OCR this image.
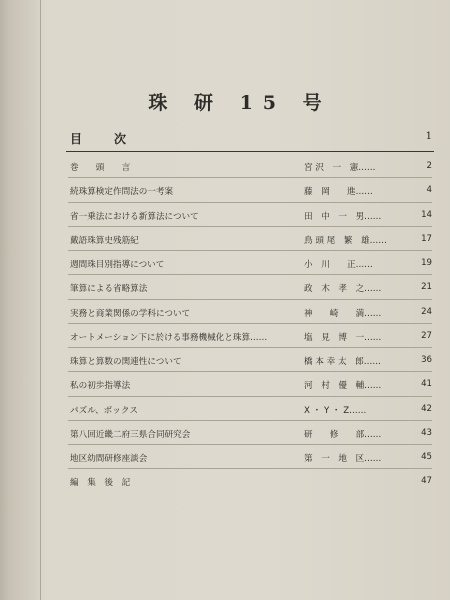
珠 研 15 号
目　次	1
巻　　頭　　言	宮 沢　一　憲……	2
続珠算検定作問法の一考案	藤　岡　　進……	4
省一乗法における新算法について	田　中　一　男……	14
戴語珠算史残筋紀	鳥 頭 尾　繁　雄……	17
週間珠目別指導について	小　川　　正……	19
筆算による省略算法	政　木　孝　之……	21
実務と商業関係の学科について	神　　崎　　満……	24
オートメーション下に於ける事務機械化と珠算……	塩　見　博　一……	27
珠算と算数の関連性について	橋 本 幸 太　郎……	36
私の初歩指導法	河　村　優　輔……	41
パズル、ボックス	X ・ Y ・ Z……	42
第八回近畿二府三県合同研究会	研　　修　　部……	43
地区幼間研修座談会	第　一　地　区……	45
編　集　後　記	47
